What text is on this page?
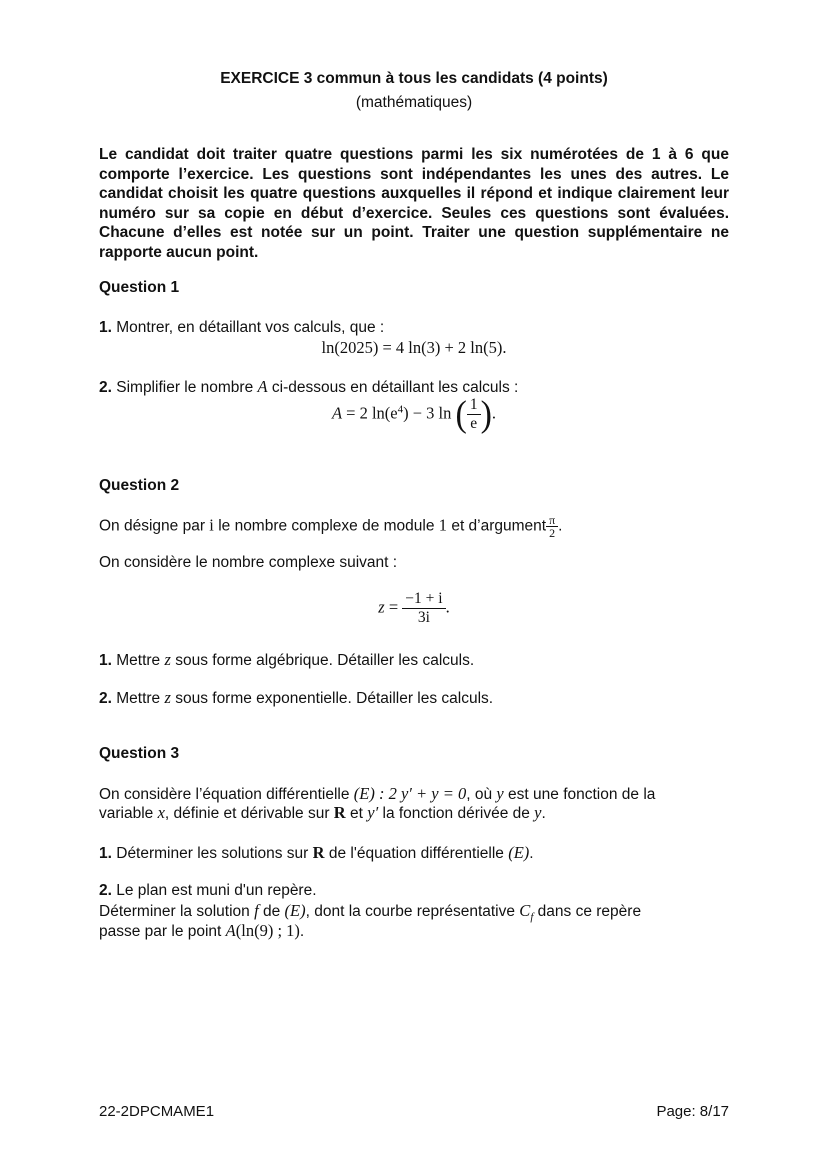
EXERCICE 3 commun à tous les candidats (4 points)
(mathématiques)
Le candidat doit traiter quatre questions parmi les six numérotées de 1 à 6 que comporte l’exercice. Les questions sont indépendantes les unes des autres. Le candidat choisit les quatre questions auxquelles il répond et indique clairement leur numéro sur sa copie en début d’exercice. Seules ces questions sont évaluées. Chacune d’elles est notée sur un point. Traiter une question supplémentaire ne rapporte aucun point.
Question 1
1. Montrer, en détaillant vos calculs, que :
ln(2025) = 4 ln(3) + 2 ln(5).
2. Simplifier le nombre A ci-dessous en détaillant les calculs :
A = 2 $\ln(e^4) - 3$ ln ( $\frac{1}{e}$ ).
Question 2
On désigne par i le nombre complexe de module 1 et d’argument $\frac{\pi}{2}$ .
On considère le nombre complexe suivant :
$z = \frac{-1 + i}{3i}$ .
1. Mettre z sous forme algébrique. Détailler les calculs.
2. Mettre z sous forme exponentielle. Détailler les calculs.
Question 3
On considère l’équation différentielle (E) : 2 y′ + y = 0, où y est une fonction de la
variable x, définie et dérivable sur R et y′ la fonction dérivée de y.
1. Déterminer les solutions sur R de l'équation différentielle (E).
2. Le plan est muni d'un repère.
Déterminer la solution f de (E), dont la courbe représentative $C_f$ dans ce repère
passe par le point A(ln(9) ; 1).
22-2DPCMAME1	Page: 8/17
